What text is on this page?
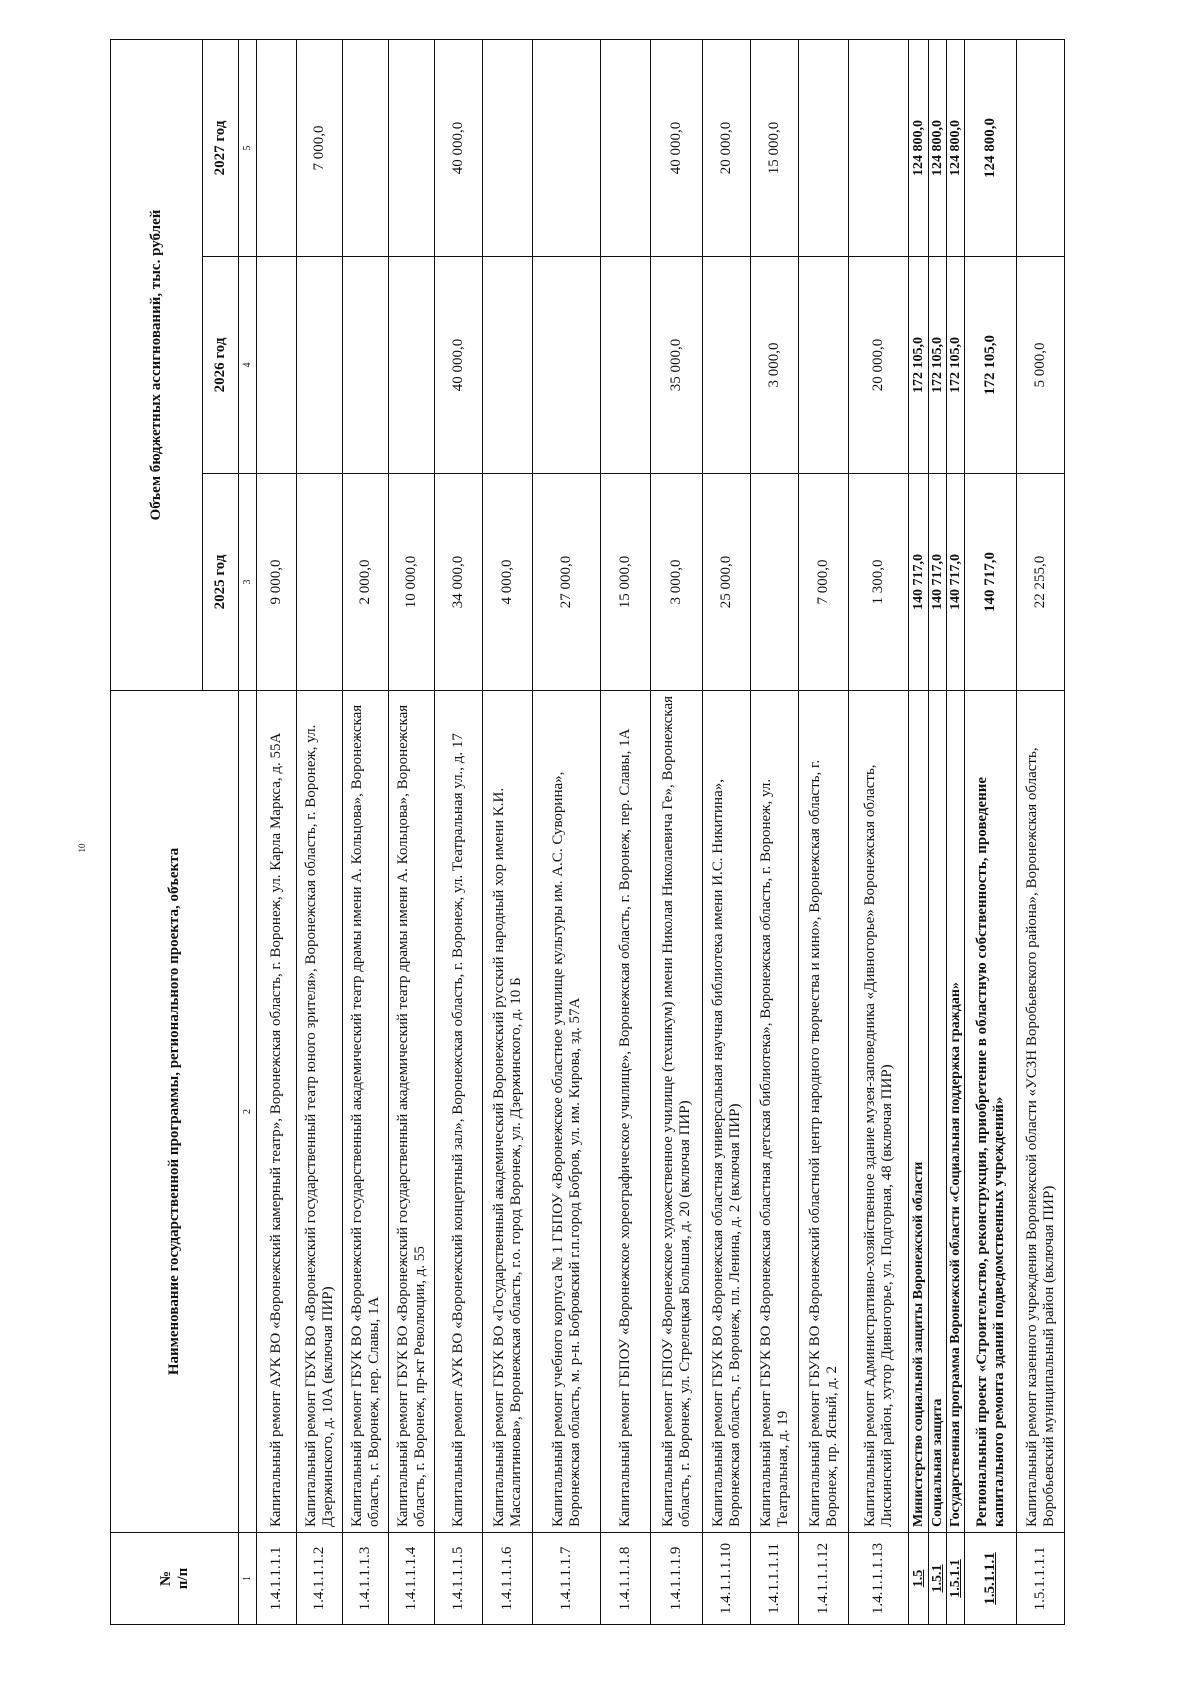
10
№
п/п	Наименование государственной программы, регионального проекта, объекта	Объем бюджетных ассигнований, тыс. рублей		
		2025 год	2026 год	2027 год
1	2	3	4	5
1.4.1.1.1.1	Капитальный ремонт АУК ВО «Воронежский камерный театр», Воронежская область, г. Воронеж, ул. Карла Маркса, д. 55А	9 000,0		
1.4.1.1.1.2	Капитальный ремонт ГБУК ВО «Воронежский государственный театр юного зрителя», Воронежская область, г. Воронеж, ул. Дзержинского, д. 10А (включая ПИР)			7 000,0
1.4.1.1.1.3	Капитальный ремонт ГБУК ВО «Воронежский государственный академический театр драмы имени А. Кольцова», Воронежская область, г. Воронеж, пер. Славы, 1А	2 000,0		
1.4.1.1.1.4	Капитальный ремонт ГБУК ВО «Воронежский государственный академический театр драмы имени А. Кольцова», Воронежская область, г. Воронеж, пр-кт Революции, д. 55	10 000,0		
1.4.1.1.1.5	Капитальный ремонт АУК ВО «Воронежский концертный зал», Воронежская область, г. Воронеж, ул. Театральная ул., д. 17	34 000,0	40 000,0	40 000,0
1.4.1.1.1.6	Капитальный ремонт ГБУК ВО «Государственный академический Воронежский русский народный хор имени К.И. Массалитинова», Воронежская область, г.о. город Воронеж, ул. Дзержинского, д. 10 Б	4 000,0		
1.4.1.1.1.7	Капитальный ремонт учебного корпуса № 1 ГБПОУ «Воронежское областное училище культуры им. А.С. Суворина», Воронежская область, м. р-н. Бобровский г.п.город Бобров, ул. им. Кирова, зд. 57А	27 000,0		
1.4.1.1.1.8	Капитальный ремонт ГБПОУ «Воронежское хореографическое училище», Воронежская область, г. Воронеж, пер. Славы, 1А	15 000,0		
1.4.1.1.1.9	Капитальный ремонт ГБПОУ «Воронежское художественное училище (техникум) имени Николая Николаевича Ге», Воронежская область, г. Воронеж, ул. Стрелецкая Большая, д. 20 (включая ПИР)	3 000,0	35 000,0	40 000,0
1.4.1.1.1.10	Капитальный ремонт ГБУК ВО «Воронежская областная универсальная научная библиотека имени И.С. Никитина», Воронежская область, г. Воронеж, пл. Ленина, д. 2 (включая ПИР)	25 000,0		20 000,0
1.4.1.1.1.11	Капитальный ремонт ГБУК ВО «Воронежская областная детская библиотека», Воронежская область, г. Воронеж, ул. Театральная, д. 19		3 000,0	15 000,0
1.4.1.1.1.12	Капитальный ремонт ГБУК ВО «Воронежский областной центр народного творчества и кино», Воронежская область, г. Воронеж, пр. Ясный, д. 2	7 000,0		
1.4.1.1.1.13	Капитальный ремонт Административно-хозяйственное здание музея-заповедника «Дивногорье» Воронежская область, Лискинский район, хутор Дивногорье, ул. Подгорная, 48 (включая ПИР)	1 300,0	20 000,0	
1.5	Министерство социальной защиты Воронежской области	140 717,0	172 105,0	124 800,0
1.5.1	Социальная защита	140 717,0	172 105,0	124 800,0
1.5.1.1	Государственная программа Воронежской области «Социальная поддержка граждан»	140 717,0	172 105,0	124 800,0
1.5.1.1.1	Региональный проект «Строительство, реконструкция, приобретение в областную собственность, проведение капитального ремонта зданий подведомственных учреждений»	140 717,0	172 105,0	124 800,0
1.5.1.1.1.1	Капитальный ремонт казенного учреждения Воронежской области «УСЗН Воробьевского района», Воронежская область, Воробьевский муниципальный район (включая ПИР)	22 255,0	5 000,0	
